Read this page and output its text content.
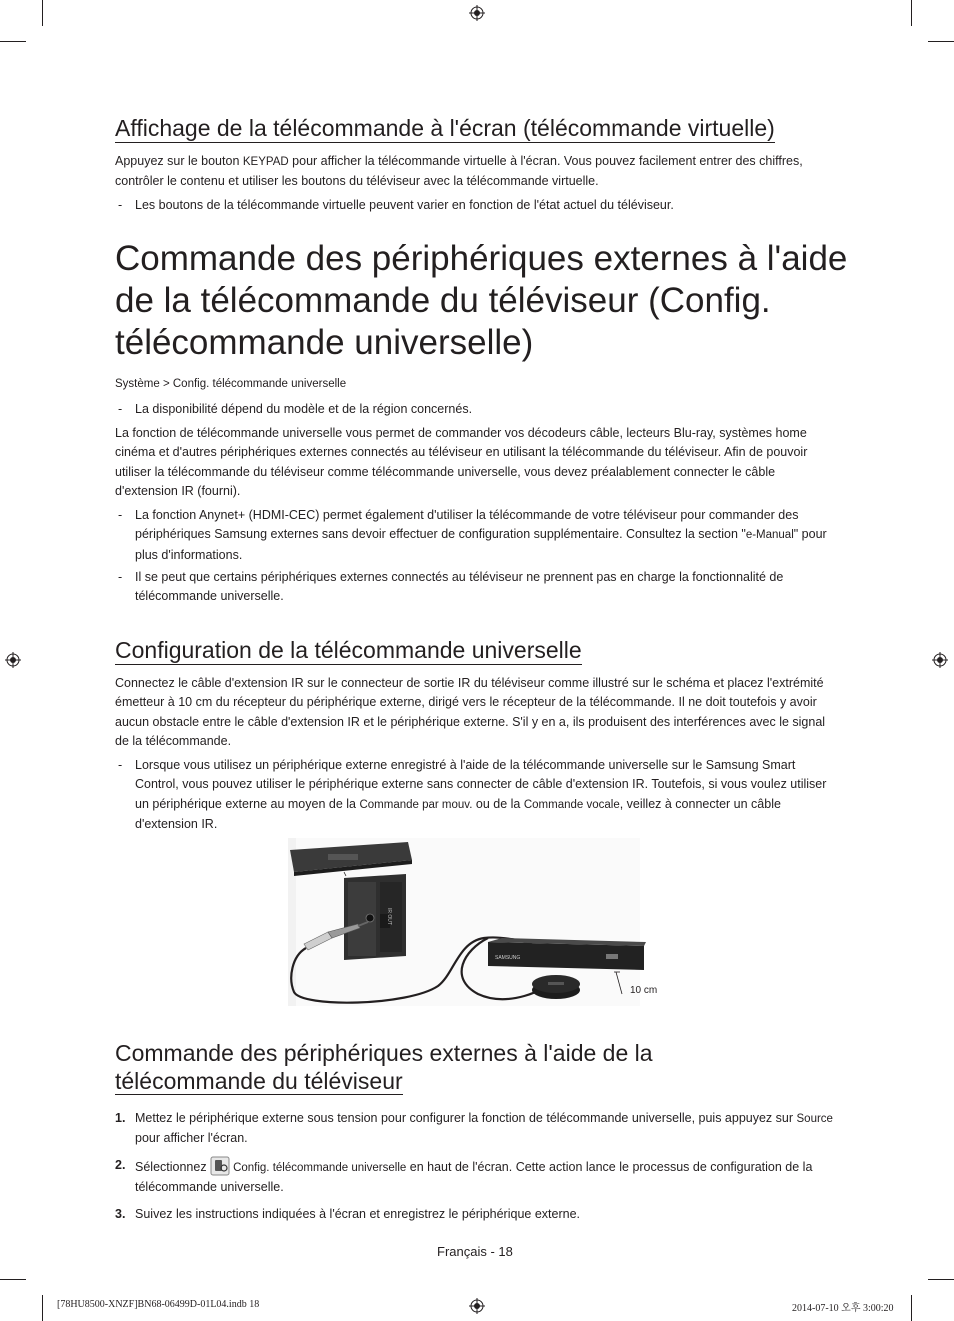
Affichage de la télécommande à l'écran (télécommande virtuelle)

Appuyez sur le bouton KEYPAD pour afficher la télécommande virtuelle à l'écran. Vous pouvez facilement entrer des chiffres, contrôler le contenu et utiliser les boutons du téléviseur avec la télécommande virtuelle.

- Les boutons de la télécommande virtuelle peuvent varier en fonction de l'état actuel du téléviseur.

Commande des périphériques externes à l'aide
de la télécommande du téléviseur (Config.
télécommande universelle)

Système > Config. télécommande universelle

- La disponibilité dépend du modèle et de la région concernés.

La fonction de télécommande universelle vous permet de commander vos décodeurs câble, lecteurs Blu-ray, systèmes home cinéma et d'autres périphériques externes connectés au téléviseur en utilisant la télécommande du téléviseur. Afin de pouvoir utiliser la télécommande du téléviseur comme télécommande universelle, vous devez préalablement connecter le câble d'extension IR (fourni).

- La fonction Anynet+ (HDMI-CEC) permet également d'utiliser la télécommande de votre téléviseur pour commander des périphériques Samsung externes sans devoir effectuer de configuration supplémentaire. Consultez la section "e-Manual" pour plus d'informations.

- Il se peut que certains périphériques externes connectés au téléviseur ne prennent pas en charge la fonctionnalité de télécommande universelle.

Configuration de la télécommande universelle

Connectez le câble d'extension IR sur le connecteur de sortie IR du téléviseur comme illustré sur le schéma et placez l'extrémité émetteur à 10 cm du récepteur du périphérique externe, dirigé vers le récepteur de la télécommande. Il ne doit toutefois y avoir aucun obstacle entre le câble d'extension IR et le périphérique externe. S'il y en a, ils produisent des interférences avec le signal de la télécommande.

- Lorsque vous utilisez un périphérique externe enregistré à l'aide de la télécommande universelle sur le Samsung Smart Control, vous pouvez utiliser le périphérique externe sans connecter de câble d'extension IR. Toutefois, si vous voulez utiliser un périphérique externe au moyen de la Commande par mouv. ou de la Commande vocale, veillez à connecter un câble d'extension IR.

IR OUT
SAMSUNG
10 cm
Commande des périphériques externes à l'aide de la
télécommande du téléviseur

1. Mettez le périphérique externe sous tension pour configurer la fonction de télécommande universelle, puis appuyez sur Source pour afficher l'écran.

2. Sélectionnez Config. télécommande universelle en haut de l'écran. Cette action lance le processus de configuration de la télécommande universelle.

3. Suivez les instructions indiquées à l'écran et enregistrez le périphérique externe.

Français - 18
[78HU8500-XNZF]BN68-06499D-01L04.indb 18	2014-07-10 오후 3:00:20
